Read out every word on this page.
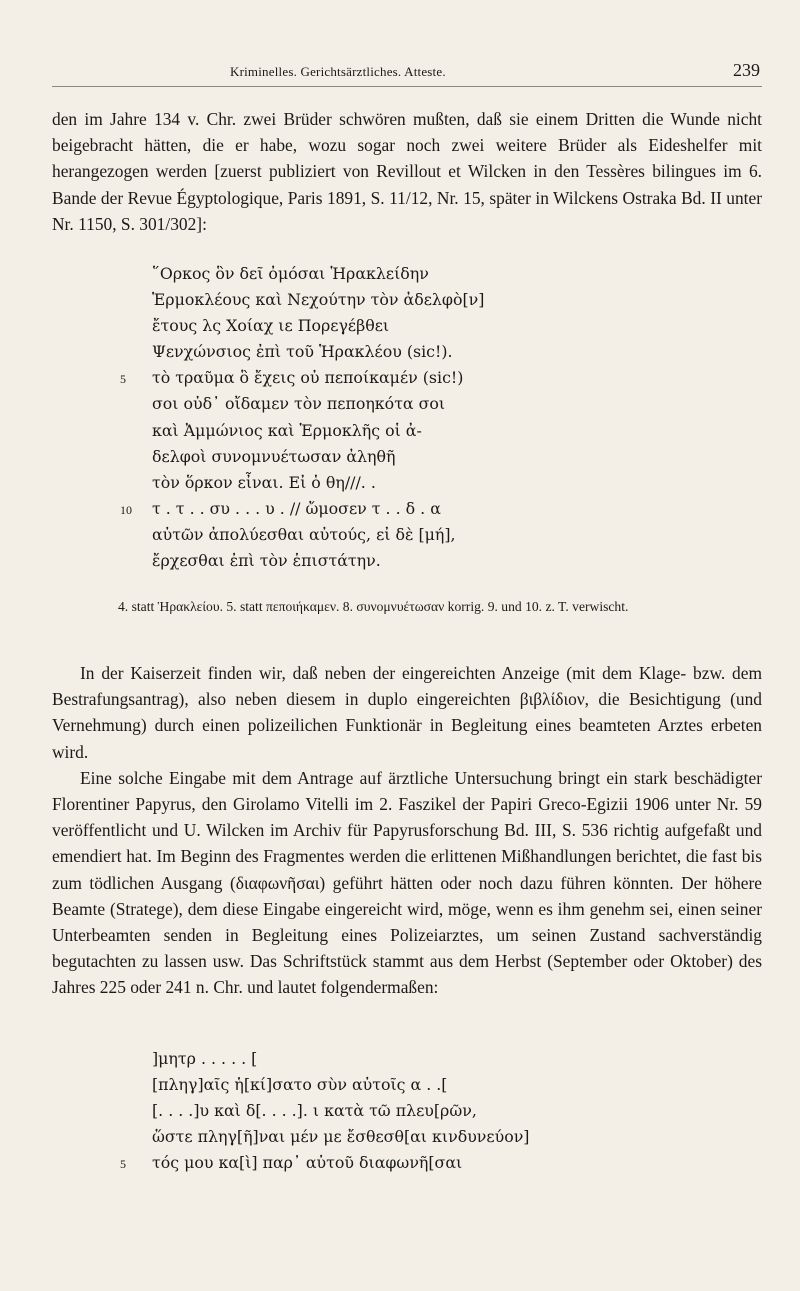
Kriminelles. Gerichtsärztliches. Atteste.	239

den im Jahre 134 v. Chr. zwei Brüder schwören mußten, daß sie einem Dritten die Wunde nicht beigebracht hätten, die er habe, wozu sogar noch zwei weitere Brüder als Eideshelfer mit herangezogen werden [zuerst publiziert von Revillout et Wilcken in den Tessères bilingues im 6. Bande der Revue Égyptologique, Paris 1891, S. 11/12, Nr. 15, später in Wilckens Ostraka Bd. II unter Nr. 1150, S. 301/302]:

῞Ορκος ὃν δεῖ ὀμόσαι Ἡρακλείδην
Ἑρμοκλέους καὶ Νεχούτην τὸν ἀδελφὸ[ν]
ἔτους λς Χοίαχ ιε Πορεγέβθει
Ψενχώνσιος ἐπὶ τοῦ Ἡρακλέου (sic!).
5 τὸ τραῦμα ὃ ἔχεις οὐ πεποίκαμέν (sic!)
σοι οὐδ᾽ οἴδαμεν τὸν πεποηκότα σοι
καὶ Ἀμμώνιος καὶ Ἑρμοκλῆς οἱ ἀ-
δελφοὶ συνομνυέτωσαν ἀληθῆ
τὸν ὅρκον εἶναι. Εἰ ὁ θη///. .
10 τ . τ . . συ . . . υ . // ὤμοσεν τ . . δ . α
αὐτῶν ἀπολύεσθαι αὐτούς, εἰ δὲ [μή],
ἔρχεσθαι ἐπὶ τὸν ἐπιστάτην.
4. statt Ἡρακλείου. 5. statt πεποιήκαμεν. 8. συνομνυέτωσαν korrig. 9. und 10. z. T. verwischt.

In der Kaiserzeit finden wir, daß neben der eingereichten Anzeige (mit dem Klage- bzw. dem Bestrafungsantrag), also neben diesem in duplo eingereichten βιβλίδιον, die Besichtigung (und Vernehmung) durch einen polizeilichen Funktionär in Begleitung eines beamteten Arztes erbeten wird.

Eine solche Eingabe mit dem Antrage auf ärztliche Untersuchung bringt ein stark beschädigter Florentiner Papyrus, den Girolamo Vitelli im 2. Faszikel der Papiri Greco-Egizii 1906 unter Nr. 59 veröffentlicht und U. Wilcken im Archiv für Papyrusforschung Bd. III, S. 536 richtig aufgefaßt und emendiert hat. Im Beginn des Fragmentes werden die erlittenen Mißhandlungen berichtet, die fast bis zum tödlichen Ausgang (διαφωνῆσαι) geführt hätten oder noch dazu führen könnten. Der höhere Beamte (Stratege), dem diese Eingabe eingereicht wird, möge, wenn es ihm genehm sei, einen seiner Unterbeamten senden in Begleitung eines Polizeiarztes, um seinen Zustand sachverständig begutachten zu lassen usw. Das Schriftstück stammt aus dem Herbst (September oder Oktober) des Jahres 225 oder 241 n. Chr. und lautet folgendermaßen:

]μητρ . . . . . [
[πληγ]αῖς ἡ[κί]σατο σὺν αὐτοῖς α . .[
[. . . .]υ καὶ δ[. . . .]. ι κατὰ τῶ πλευ[ρῶν,
ὥστε πληγ[ῆ]ναι μέν με ἔσθεσθ[αι κινδυνεύον]
5 τός μου κα[ὶ] παρ᾽ αὐτοῦ διαφωνῆ[σαι
